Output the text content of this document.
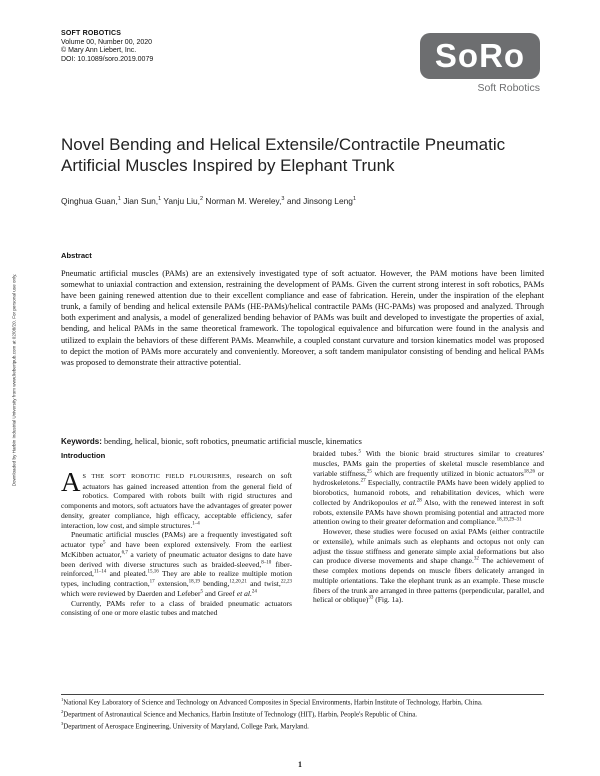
SOFT ROBOTICS
Volume 00, Number 00, 2020
© Mary Ann Liebert, Inc.
DOI: 10.1089/soro.2019.0079	SoRo
Soft Robotics
Downloaded by Harbin Industrial University from www.liebertpub.com at 02/08/20. For personal use only.
Novel Bending and Helical Extensile/Contractile Pneumatic Artificial Muscles Inspired by Elephant Trunk
Qinghua Guan,$^1$ Jian Sun,$^1$ Yanju Liu,$^2$ Norman M. Wereley,$^3$ and Jinsong Leng$^1$
Abstract
Pneumatic artificial muscles (PAMs) are an extensively investigated type of soft actuator. However, the PAM motions have been limited somewhat to uniaxial contraction and extension, restraining the development of PAMs. Given the current strong interest in soft robotics, PAMs have been gaining renewed attention due to their excellent compliance and ease of fabrication. Herein, under the inspiration of the elephant trunk, a family of bending and helical extensile PAMs (HE-PAMs)/helical contractile PAMs (HC-PAMs) was proposed and analyzed. Through both experiment and analysis, a model of generalized bending behavior of PAMs was built and developed to investigate the properties of axial, bending, and helical PAMs in the same theoretical framework. The topological equivalence and bifurcation were found in the analysis and utilized to explain the behaviors of these different PAMs. Meanwhile, a coupled constant curvature and torsion kinematics model was proposed to depict the motion of PAMs more accurately and conveniently. Moreover, a soft tandem manipulator consisting of bending and helical PAMs was proposed to demonstrate their attractive potential.
Keywords: bending, helical, bionic, soft robotics, pneumatic artificial muscle, kinematics

Introduction

A S THE SOFT ROBOTIC FIELD FLOURISHES, research on soft actuators has gained increased attention from the general field of robotics. Compared with robots built with rigid structures and components and motors, soft actuators have the advantages of greater power density, greater compliance, high efficacy, acceptable efficiency, safer interaction, low cost, and simple structures.$^{1-4}$

Pneumatic artificial muscles (PAMs) are a frequently investigated soft actuator type$^5$ and have been explored extensively. From the earliest McKibben actuator,$^{6,7}$ a variety of pneumatic actuator designs to date have been derived with diverse structures such as braided-sleeved,$^{8-10}$ fiber-reinforced,$^{11-14}$ and pleated.$^{15,16}$ They are able to realize multiple motion types, including contraction,$^{17}$ extension,$^{18,19}$ bending,$^{12,20,21}$ and twist,$^{22,23}$ which were reviewed by Daerden and Lefeber$^5$ and Greef et al.$^{24}$

Currently, PAMs refer to a class of braided pneumatic actuators consisting of one or more elastic tubes and matched

braided tubes.$^5$ With the bionic braid structures similar to creatures' muscles, PAMs gain the properties of skeletal muscle resemblance and variable stiffness,$^{25}$ which are frequently utilized in bionic actuators$^{18,26}$ or hydroskeletons.$^{27}$ Especially, contractile PAMs have been widely applied to biorobotics, humanoid robots, and rehabilitation devices, which were collected by Andrikopoulos et al.$^{28}$ Also, with the renewed interest in soft robots, extensile PAMs have shown promising potential and attracted more attention owing to their greater deformation and compliance.$^{18,19,29-31}$

However, these studies were focused on axial PAMs (either contractile or extensile), while animals such as elephants and octopus not only can adjust the tissue stiffness and generate simple axial deformations but also can produce diverse movements and shape change.$^{32}$ The achievement of these complex motions depends on muscle fibers delicately arranged in multiple orientations. Take the elephant trunk as an example. These muscle fibers of the trunk are arranged in three patterns (perpendicular, parallel, and helical or oblique)$^{33}$ (Fig. 1a).

$^1$National Key Laboratory of Science and Technology on Advanced Composites in Special Environments, Harbin Institute of Technology, Harbin, China.

$^2$Department of Astronautical Science and Mechanics, Harbin Institute of Technology (HIT), Harbin, People's Republic of China.

$^3$Department of Aerospace Engineering, University of Maryland, College Park, Maryland.

1
